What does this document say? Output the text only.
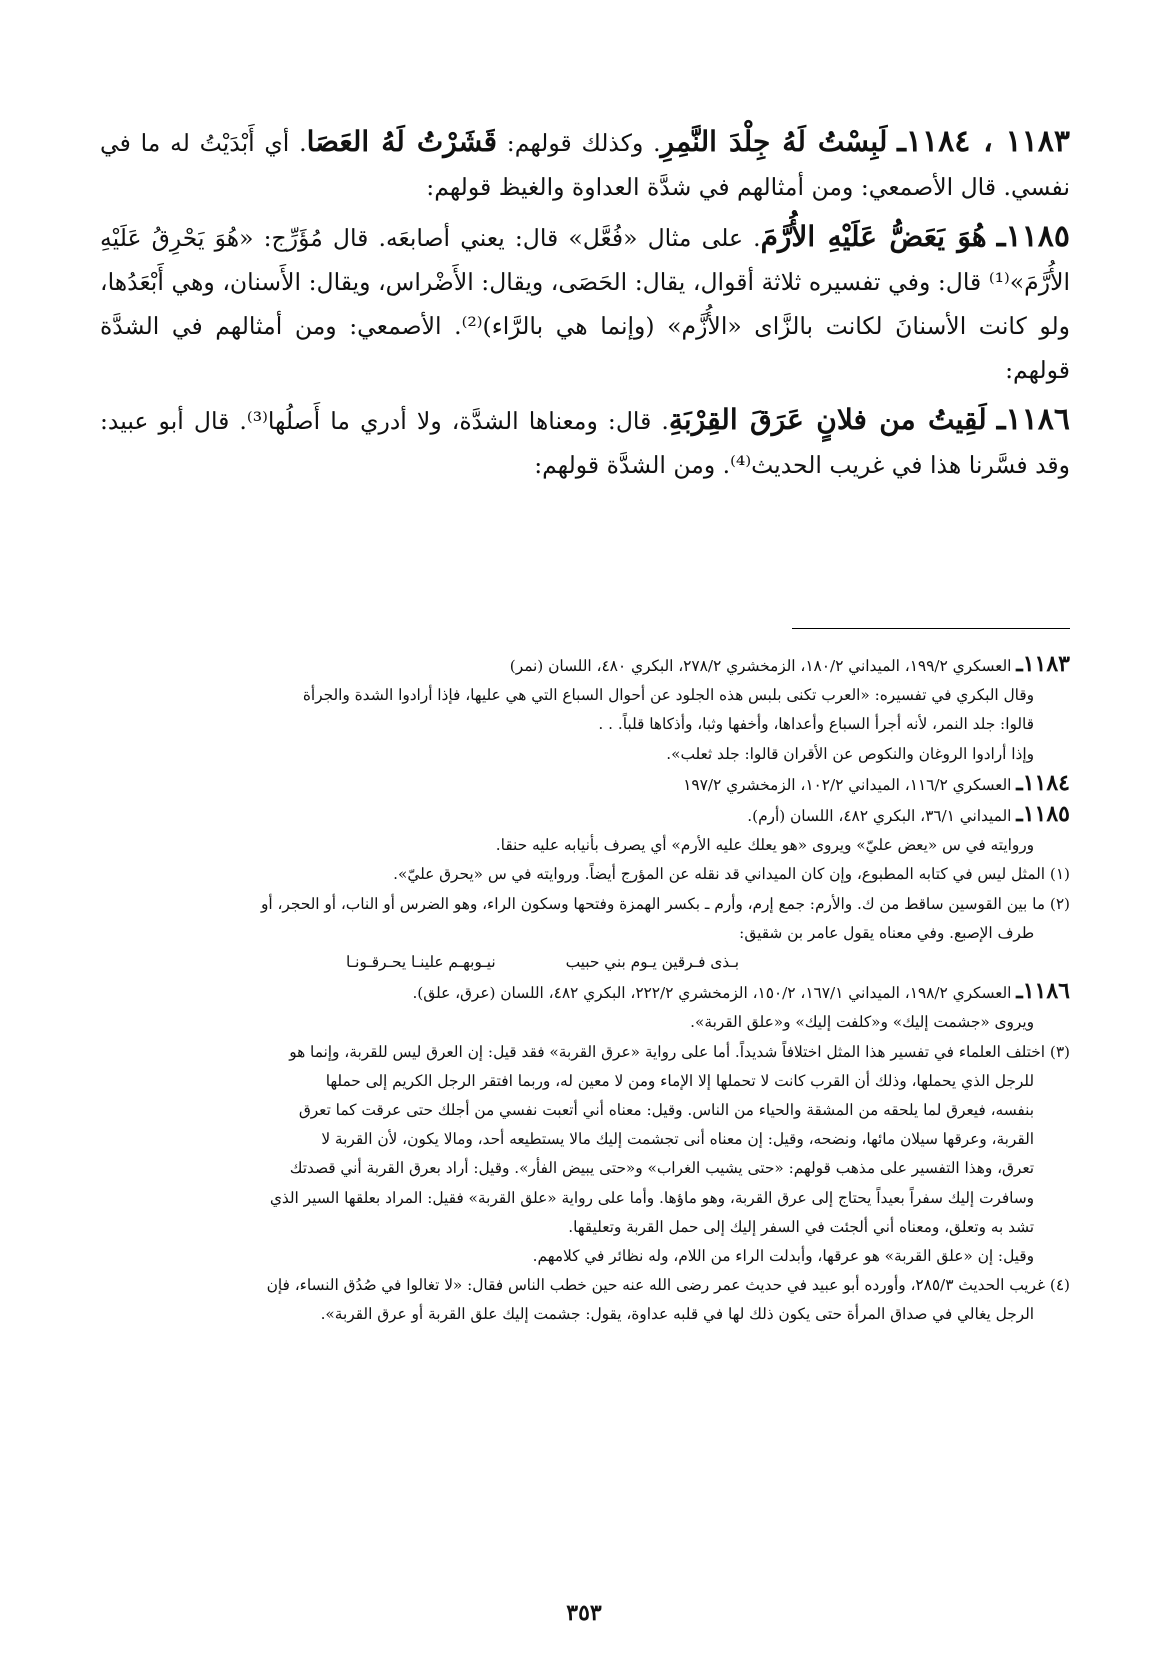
١١٨٣ ، ١١٨٤ـ لَبِسْتُ لَهُ جِلْدَ النَّمِرِ. وكذلك قولهم: قَشَرْتُ لَهُ العَصَا. أي أَبْدَيْتُ له ما في نفسي. قال الأصمعي: ومن أمثالهم في شدَّة العداوة والغيظ قولهم:

١١٨٥ـ هُوَ يَعَضُّ عَلَيْهِ الأُرَّمَ. على مثال «فُعَّل» قال: يعني أصابعَه. قال مُؤَرِّج: «هُوَ يَحْرِقُ عَلَيْهِ الأُرَّمَ»⁽¹⁾ قال: وفي تفسيره ثلاثة أقوال، يقال: الحَصَى، ويقال: الأَضْراس، ويقال: الأَسنان، وهي أَبْعَدُها، ولو كانت الأسنانَ لكانت بالزَّاى «الأُزَّم» (وإنما هي بالرَّاء)⁽²⁾. الأصمعي: ومن أمثالهم في الشدَّة قولهم:

١١٨٦ـ لَقِيتُ من فلانٍ عَرَقَ القِرْبَةِ. قال: ومعناها الشدَّة، ولا أدري ما أَصلُها⁽³⁾. قال أبو عبيد: وقد فسَّرنا هذا في غريب الحديث⁽⁴⁾. ومن الشدَّة قولهم:

١١٨٣ـ العسكري ١٩٩/٢، الميداني ١٨٠/٢، الزمخشري ٢٧٨/٢، البكري ٤٨٠، اللسان (نمر)

وقال البكري في تفسيره: «العرب تكنى بلبس هذه الجلود عن أحوال السباع التي هي عليها، فإذا أرادوا الشدة والجرأة

قالوا: جلد النمر، لأنه أجرأ السباع وأعداها، وأخفها وثبا، وأذكاها قلباً. . .

وإذا أرادوا الروغان والنكوص عن الأقران قالوا: جلد ثعلب».

١١٨٤ـ العسكري ١١٦/٢، الميداني ١٠٢/٢، الزمخشري ١٩٧/٢

١١٨٥ـ الميداني ٣٦/١، البكري ٤٨٢، اللسان (أرم).

وروايته في س «يعض عليّ» ويروى «هو يعلك عليه الأرم» أي يصرف بأنيابه عليه حنقا.

(١) المثل ليس في كتابه المطبوع، وإن كان الميداني قد نقله عن المؤرج أيضاً. وروايته في س «يحرق عليّ».

(٢) ما بين القوسين ساقط من ك. والأرم: جمع إرم، وأرم ـ بكسر الهمزة وفتحها وسكون الراء، وهو الضرس أو الناب، أو الحجر، أو

طرف الإصبع. وفي معناه يقول عامر بن شقيق:

بـذى فـرقين يـوم بني حبيب
نيـوبهـم علينـا يحـرقـونـا

١١٨٦ـ العسكري ١٩٨/٢، الميداني ١٦٧/١، ١٥٠/٢، الزمخشري ٢٢٢/٢، البكري ٤٨٢، اللسان (عرق، علق).

ويروى «جشمت إليك» و«كلفت إليك» و«علق القربة».

(٣) اختلف العلماء في تفسير هذا المثل اختلافاً شديداً. أما على رواية «عرق القربة» فقد قيل: إن العرق ليس للقربة، وإنما هو

للرجل الذي يحملها، وذلك أن القرب كانت لا تحملها إلا الإماء ومن لا معين له، وربما افتقر الرجل الكريم إلى حملها

بنفسه، فيعرق لما يلحقه من المشقة والحياء من الناس. وقيل: معناه أني أتعبت نفسي من أجلك حتى عرقت كما تعرق

القربة، وعرقها سيلان مائها، ونضحه، وقيل: إن معناه أنى تجشمت إليك مالا يستطيعه أحد، ومالا يكون، لأن القربة لا

تعرق، وهذا التفسير على مذهب قولهم: «حتى يشيب الغراب» و«حتى يبيض الفأر». وقيل: أراد بعرق القربة أني قصدتك

وسافرت إليك سفراً بعيداً يحتاج إلى عرق القربة، وهو ماؤها. وأما على رواية «علق القربة» فقيل: المراد بعلقها السير الذي

تشد به وتعلق، ومعناه أني ألجئت في السفر إليك إلى حمل القربة وتعليقها.

وقيل: إن «علق القربة» هو عرقها، وأبدلت الراء من اللام، وله نظائر في كلامهم.

(٤) غريب الحديث ٢٨٥/٣، وأورده أبو عبيد في حديث عمر رضى الله عنه حين خطب الناس فقال: «لا تغالوا في صُدُق النساء، فإن

الرجل يغالي في صداق المرأة حتى يكون ذلك لها في قلبه عداوة، يقول: جشمت إليك علق القربة أو عرق القربة».

٣٥٣
